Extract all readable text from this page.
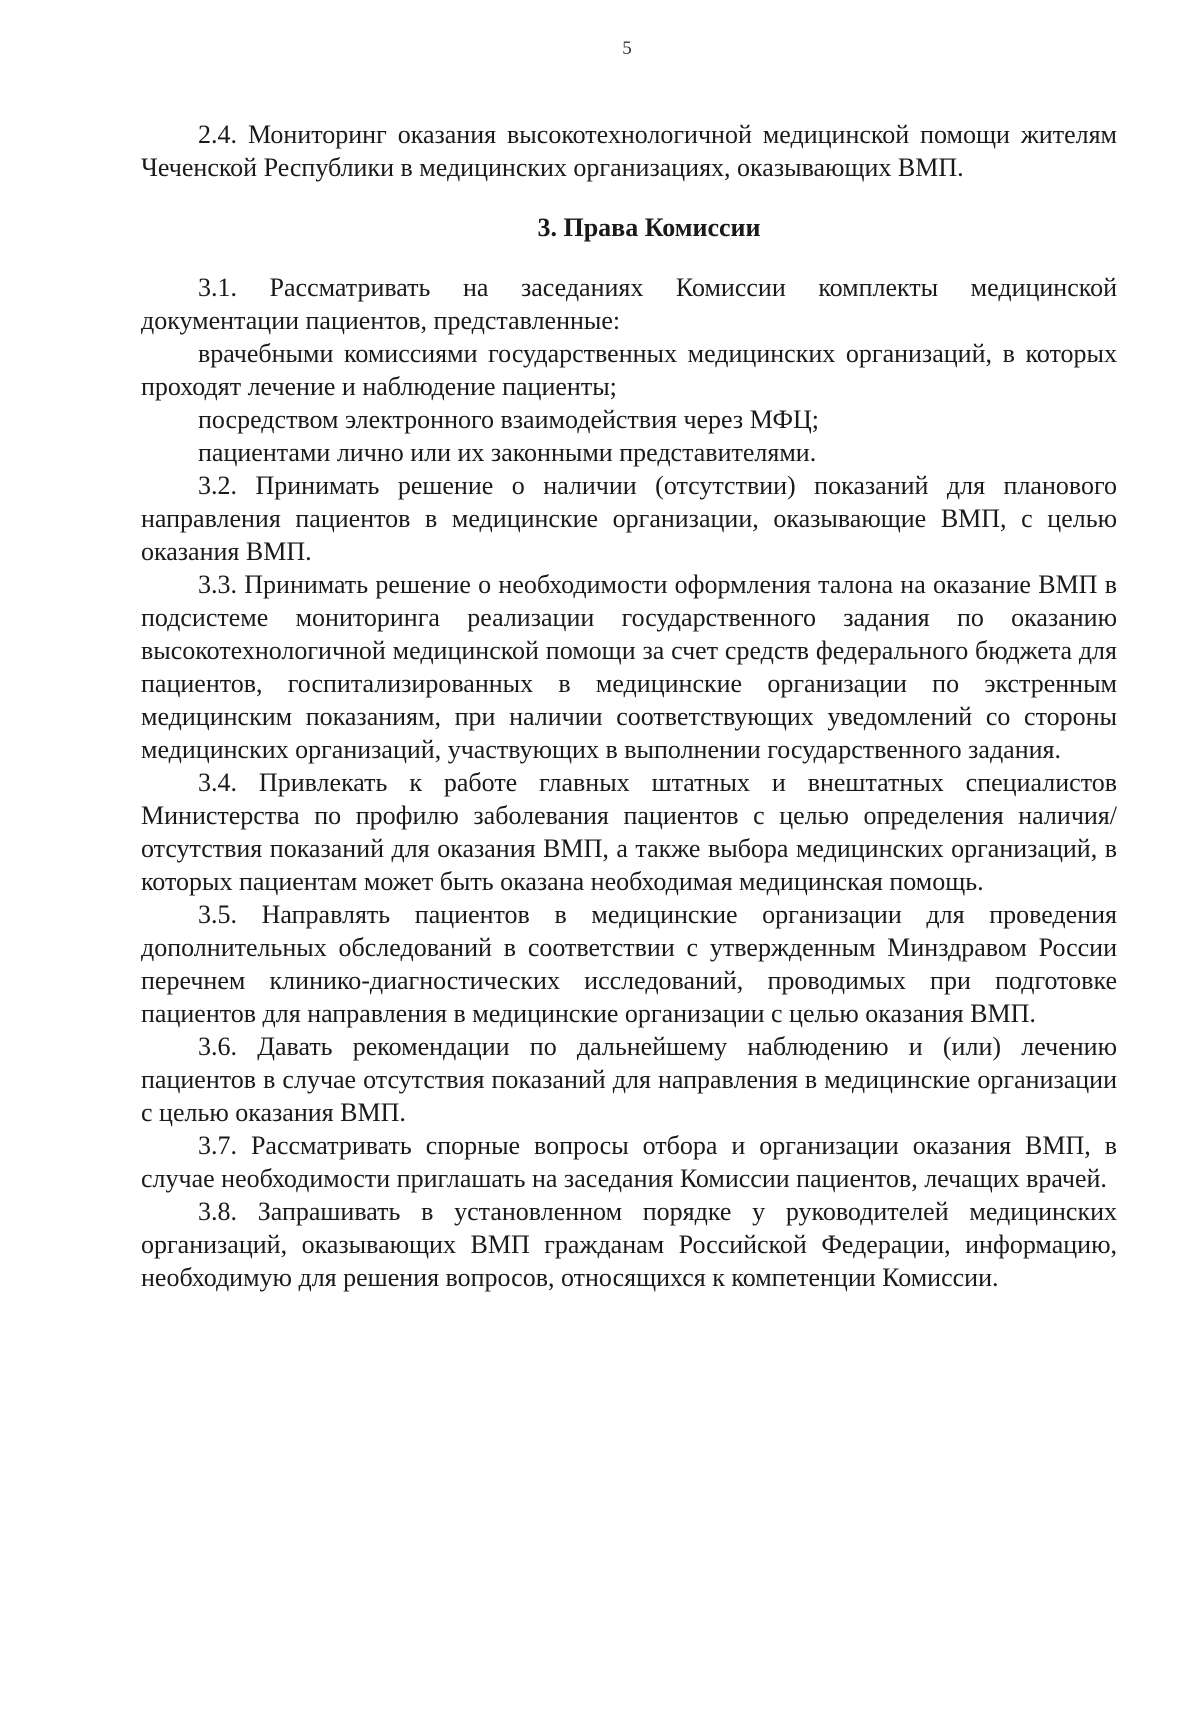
5

2.4. Мониторинг оказания высокотехнологичной медицинской помощи жителям Чеченской Республики в медицинских организациях, оказывающих ВМП.

3. Права Комиссии

3.1. Рассматривать на заседаниях Комиссии комплекты медицинской документации пациентов, представленные:

врачебными комиссиями государственных медицинских организаций, в которых проходят лечение и наблюдение пациенты;

посредством электронного взаимодействия через МФЦ;

пациентами лично или их законными представителями.

3.2. Принимать решение о наличии (отсутствии) показаний для планового направления пациентов в медицинские организации, оказывающие ВМП, с целью оказания ВМП.

3.3. Принимать решение о необходимости оформления талона на оказание ВМП в подсистеме мониторинга реализации государственного задания по оказанию высокотехнологичной медицинской помощи за счет средств федерального бюджета для пациентов, госпитализированных в медицинские организации по экстренным медицинским показаниям, при наличии соответствующих уведомлений со стороны медицинских организаций, участвующих в выполнении государственного задания.

3.4. Привлекать к работе главных штатных и внештатных специалистов Министерства по профилю заболевания пациентов с целью определения наличия/отсутствия показаний для оказания ВМП, а также выбора медицинских организаций, в которых пациентам может быть оказана необходимая медицинская помощь.

3.5. Направлять пациентов в медицинские организации для проведения дополнительных обследований в соответствии с утвержденным Минздравом России перечнем клинико-диагностических исследований, проводимых при подготовке пациентов для направления в медицинские организации с целью оказания ВМП.

3.6. Давать рекомендации по дальнейшему наблюдению и (или) лечению пациентов в случае отсутствия показаний для направления в медицинские организации с целью оказания ВМП.

3.7. Рассматривать спорные вопросы отбора и организации оказания ВМП, в случае необходимости приглашать на заседания Комиссии пациентов, лечащих врачей.

3.8. Запрашивать в установленном порядке у руководителей медицинских организаций, оказывающих ВМП гражданам Российской Федерации, информацию, необходимую для решения вопросов, относящихся к компетенции Комиссии.
